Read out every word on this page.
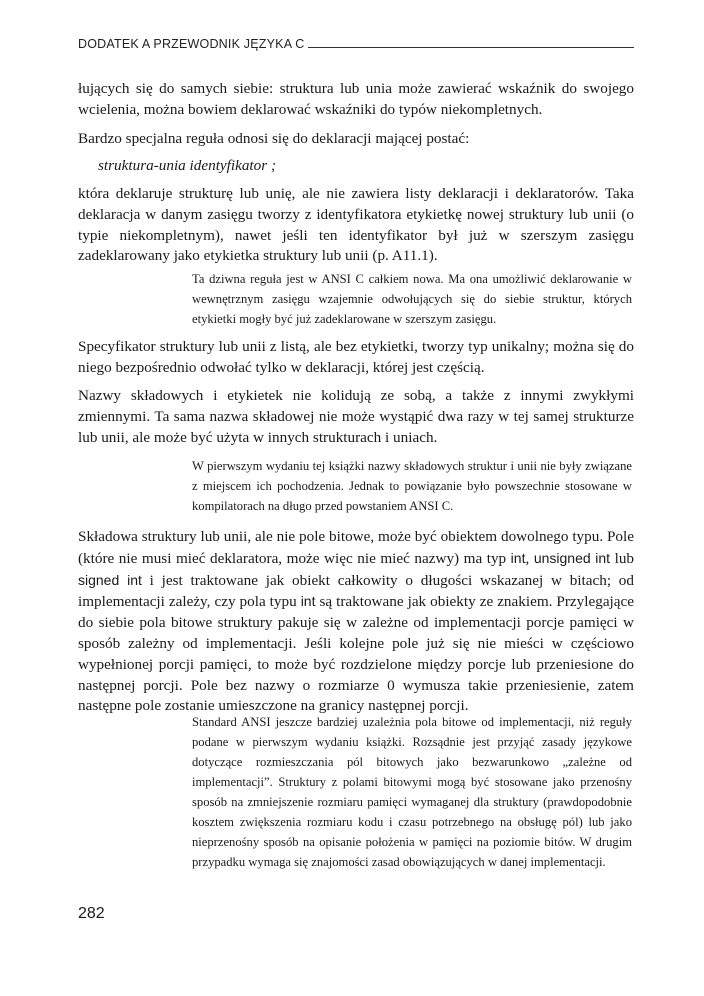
DODATEK A PRZEWODNIK JĘZYKA C

łujących się do samych siebie: struktura lub unia może zawierać wskaźnik do swojego wcielenia, można bowiem deklarować wskaźniki do typów niekompletnych.

Bardzo specjalna reguła odnosi się do deklaracji mającej postać:

struktura-unia identyfikator ;

która deklaruje strukturę lub unię, ale nie zawiera listy deklaracji i deklaratorów. Taka deklaracja w danym zasięgu tworzy z identyfikatora etykietkę nowej struktury lub unii (o typie niekompletnym), nawet jeśli ten identyfikator był już w szerszym zasięgu zadeklarowany jako etykietka struktury lub unii (p. A11.1).

Ta dziwna reguła jest w ANSI C całkiem nowa. Ma ona umożliwić deklarowanie w wewnętrznym zasięgu wzajemnie odwołujących się do siebie struktur, których etykietki mogły być już zadeklarowane w szerszym zasięgu.

Specyfikator struktury lub unii z listą, ale bez etykietki, tworzy typ unikalny; można się do niego bezpośrednio odwołać tylko w deklaracji, której jest częścią.

Nazwy składowych i etykietek nie kolidują ze sobą, a także z innymi zwykłymi zmiennymi. Ta sama nazwa składowej nie może wystąpić dwa razy w tej samej strukturze lub unii, ale może być użyta w innych strukturach i uniach.

W pierwszym wydaniu tej książki nazwy składowych struktur i unii nie były związane z miejscem ich pochodzenia. Jednak to powiązanie było powszechnie stosowane w kompilatorach na długo przed powstaniem ANSI C.

Składowa struktury lub unii, ale nie pole bitowe, może być obiektem dowolnego typu. Pole (które nie musi mieć deklaratora, może więc nie mieć nazwy) ma typ int, unsigned int lub signed int i jest traktowane jak obiekt całkowity o długości wskazanej w bitach; od implementacji zależy, czy pola typu int są traktowane jak obiekty ze znakiem. Przylegające do siebie pola bitowe struktury pakuje się w zależne od implementacji porcje pamięci w sposób zależny od implementacji. Jeśli kolejne pole już się nie mieści w częściowo wypełnionej porcji pamięci, to może być rozdzielone między porcje lub przeniesione do następnej porcji. Pole bez nazwy o rozmiarze 0 wymusza takie przeniesienie, zatem następne pole zostanie umieszczone na granicy następnej porcji.

Standard ANSI jeszcze bardziej uzależnia pola bitowe od implementacji, niż reguły podane w pierwszym wydaniu książki. Rozsądnie jest przyjąć zasady językowe dotyczące rozmieszczania pól bitowych jako bezwarunkowo „zależne od implementacji”. Struktury z polami bitowymi mogą być stosowane jako przenośny sposób na zmniejszenie rozmiaru pamięci wymaganej dla struktury (prawdopodobnie kosztem zwiększenia rozmiaru kodu i czasu potrzebnego na obsługę pól) lub jako nieprzenośny sposób na opisanie położenia w pamięci na poziomie bitów. W drugim przypadku wymaga się znajomości zasad obowiązujących w danej implementacji.

282
